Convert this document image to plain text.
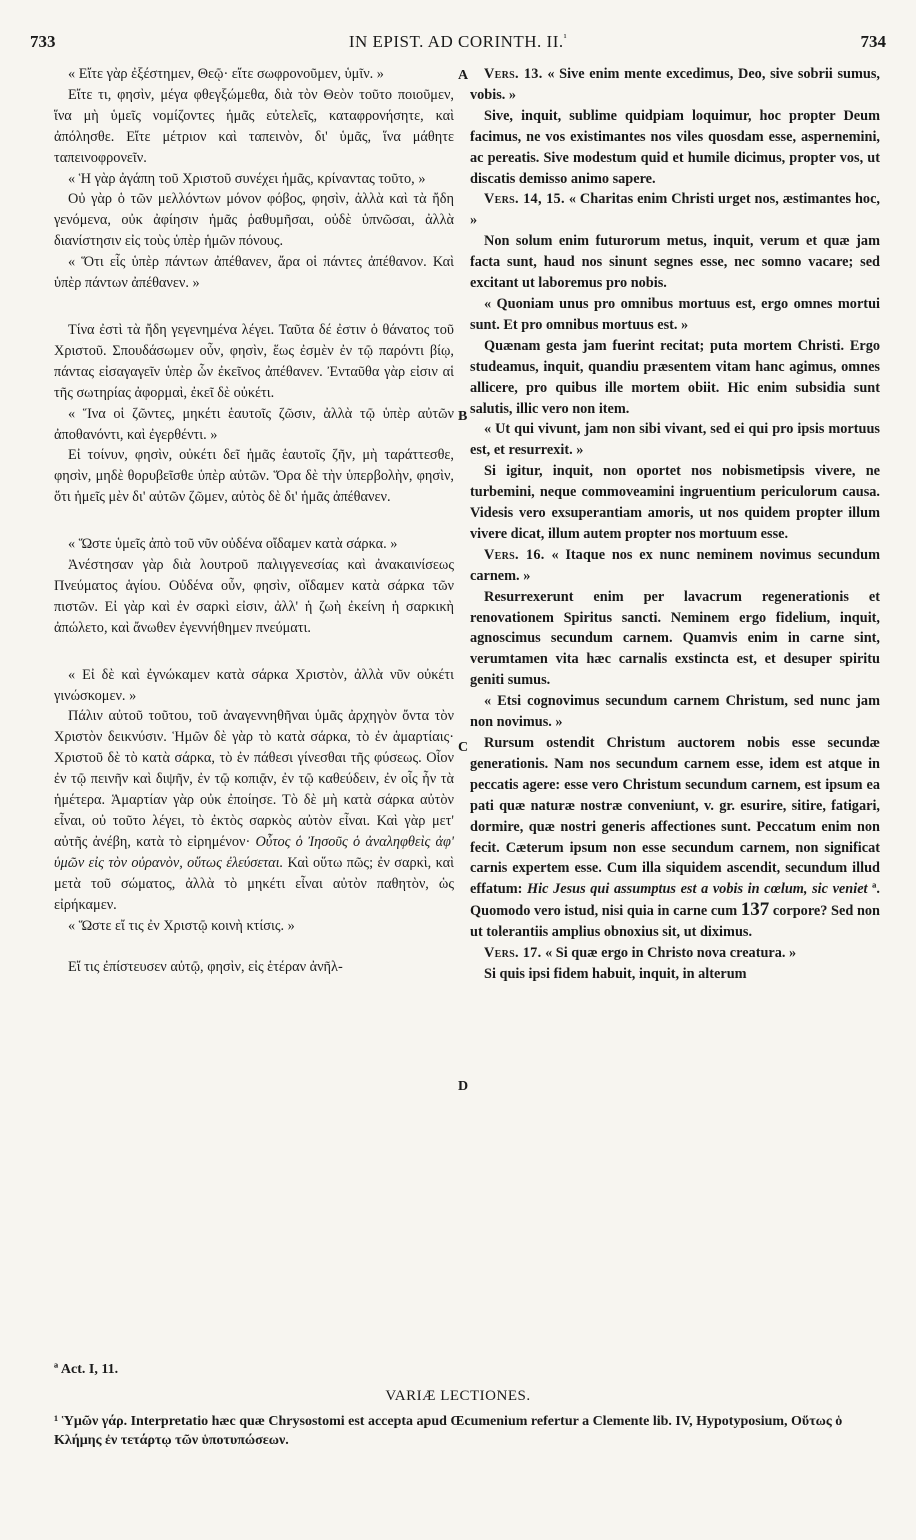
733	IN EPIST. AD CORINTH. II.$^{^1}$	734
A
B
C
D

« Εἴτε γὰρ ἐξέστημεν, Θεῷ· εἴτε σωφρονοῦμεν, ὑμῖν. »

Εἴτε τι, φησὶν, μέγα φθεγξώμεθα, διὰ τὸν Θεὸν τοῦτο ποιοῦμεν, ἵνα μὴ ὑμεῖς νομίζοντες ἡμᾶς εὐτελεῖς, καταφρονήσητε, καὶ ἀπόλησθε. Εἴτε μέτριον καὶ ταπεινὸν, δι' ὑμᾶς, ἵνα μάθητε ταπεινοφρονεῖν.

« Ἡ γὰρ ἀγάπη τοῦ Χριστοῦ συνέχει ἡμᾶς, κρίναντας τοῦτο, »

Οὐ γὰρ ὁ τῶν μελλόντων μόνον φόβος, φησὶν, ἀλλὰ καὶ τὰ ἤδη γενόμενα, οὐκ ἀφίησιν ἡμᾶς ῥαθυμῆσαι, οὐδὲ ὑπνῶσαι, ἀλλὰ διανίστησιν εἰς τοὺς ὑπὲρ ἡμῶν πόνους.

« Ὅτι εἷς ὑπὲρ πάντων ἀπέθανεν, ἄρα οἱ πάντες ἀπέθανον. Καὶ ὑπὲρ πάντων ἀπέθανεν. »

Τίνα ἐστὶ τὰ ἤδη γεγενημένα λέγει. Ταῦτα δέ ἐστιν ὁ θάνατος τοῦ Χριστοῦ. Σπουδάσωμεν οὖν, φησὶν, ἕως ἐσμὲν ἐν τῷ παρόντι βίῳ, πάντας εἰσαγαγεῖν ὑπὲρ ὧν ἐκεῖνος ἀπέθανεν. Ἐνταῦθα γὰρ εἰσιν αἱ τῆς σωτηρίας ἀφορμαὶ, ἐκεῖ δὲ οὐκέτι.

« Ἵνα οἱ ζῶντες, μηκέτι ἑαυτοῖς ζῶσιν, ἀλλὰ τῷ ὑπὲρ αὐτῶν ἀποθανόντι, καὶ ἐγερθέντι. »

Εἰ τοίνυν, φησὶν, οὐκέτι δεῖ ἡμᾶς ἑαυτοῖς ζῆν, μὴ ταράττεσθε, φησὶν, μηδὲ θορυβεῖσθε ὑπὲρ αὐτῶν. Ὅρα δὲ τὴν ὑπερβολὴν, φησὶν, ὅτι ἡμεῖς μὲν δι' αὐτῶν ζῶμεν, αὐτὸς δὲ δι' ἡμᾶς ἀπέθανεν.

« Ὥστε ὑμεῖς ἀπὸ τοῦ νῦν οὐδένα οἴδαμεν κατὰ σάρκα. »

Ἀνέστησαν γὰρ διὰ λουτροῦ παλιγγενεσίας καὶ ἀνακαινίσεως Πνεύματος ἁγίου. Οὐδένα οὖν, φησὶν, οἴδαμεν κατὰ σάρκα τῶν πιστῶν. Εἰ γὰρ καὶ ἐν σαρκὶ εἰσιν, ἀλλ' ἡ ζωὴ ἐκείνη ἡ σαρκικὴ ἀπώλετο, καὶ ἄνωθεν ἐγεννήθημεν πνεύματι.

« Εἰ δὲ καὶ ἐγνώκαμεν κατὰ σάρκα Χριστὸν, ἀλλὰ νῦν οὐκέτι γινώσκομεν. »

Πάλιν αὐτοῦ τοῦτου, τοῦ ἀναγεννηθῆναι ὑμᾶς ἀρχηγὸν ὄντα τὸν Χριστὸν δεικνύσιν. Ἡμῶν δὲ γὰρ τὸ κατὰ σάρκα, τὸ ἐν ἁμαρτίαις· Χριστοῦ δὲ τὸ κατὰ σάρκα, τὸ ἐν πάθεσι γίνεσθαι τῆς φύσεως. Οἷον ἐν τῷ πεινῆν καὶ διψῆν, ἐν τῷ κοπιᾷν, ἐν τῷ καθεύδειν, ἐν οἷς ἦν τὰ ἡμέτερα. Ἁμαρτίαν γὰρ οὐκ ἐποίησε. Τὸ δὲ μὴ κατὰ σάρκα αὐτὸν εἶναι, οὐ τοῦτο λέγει, τὸ ἐκτὸς σαρκὸς αὐτὸν εἶναι. Καὶ γὰρ μετ' αὐτῆς ἀνέβη, κατὰ τὸ εἰρημένον· Οὗτος ὁ Ἰησοῦς ὁ ἀναληφθεὶς ἀφ' ὑμῶν εἰς τὸν οὐρανὸν, οὕτως ἐλεύσεται. Καὶ οὕτω πῶς; ἐν σαρκὶ, καὶ μετὰ τοῦ σώματος, ἀλλὰ τὸ μηκέτι εἶναι αὐτὸν παθητὸν, ὡς εἰρήκαμεν.

« Ὥστε εἴ τις ἐν Χριστῷ κοινὴ κτίσις. »

Εἴ τις ἐπίστευσεν αὐτῷ, φησὶν, εἰς ἑτέραν ἀνῆλ-

Vers. 13. « Sive enim mente excedimus, Deo, sive sobrii sumus, vobis. »

Sive, inquit, sublime quidpiam loquimur, hoc propter Deum facimus, ne vos existimantes nos viles quosdam esse, aspernemini, ac pereatis. Sive modestum quid et humile dicimus, propter vos, ut discatis demisso animo sapere.

Vers. 14, 15. « Charitas enim Christi urget nos, æstimantes hoc, »

Non solum enim futurorum metus, inquit, verum et quæ jam facta sunt, haud nos sinunt segnes esse, nec somno vacare; sed excitant ut laboremus pro nobis.

« Quoniam unus pro omnibus mortuus est, ergo omnes mortui sunt. Et pro omnibus mortuus est. »

Quænam gesta jam fuerint recitat; puta mortem Christi. Ergo studeamus, inquit, quandiu præsentem vitam hanc agimus, omnes allicere, pro quibus ille mortem obiit. Hic enim subsidia sunt salutis, illic vero non item.

« Ut qui vivunt, jam non sibi vivant, sed ei qui pro ipsis mortuus est, et resurrexit. »

Si igitur, inquit, non oportet nos nobismetipsis vivere, ne turbemini, neque commoveamini ingruentium periculorum causa. Videsis vero exsuperantiam amoris, ut nos quidem propter illum vivere dicat, illum autem propter nos mortuum esse.

Vers. 16. « Itaque nos ex nunc neminem novimus secundum carnem. »

Resurrexerunt enim per lavacrum regenerationis et renovationem Spiritus sancti. Neminem ergo fidelium, inquit, agnoscimus secundum carnem. Quamvis enim in carne sint, verumtamen vita hæc carnalis exstincta est, et desuper spiritu geniti sumus.

« Etsi cognovimus secundum carnem Christum, sed nunc jam non novimus. »

Rursum ostendit Christum auctorem nobis esse secundæ generationis. Nam nos secundum carnem esse, idem est atque in peccatis agere: esse vero Christum secundum carnem, est ipsum ea pati quæ naturæ nostræ conveniunt, v. gr. esurire, sitire, fatigari, dormire, quæ nostri generis affectiones sunt. Peccatum enim non fecit. Cæterum ipsum non esse secundum carnem, non significat carnis expertem esse. Cum illa siquidem ascendit, secundum illud effatum: Hic Jesus qui assumptus est a vobis in cœlum, sic veniet ª. Quomodo vero istud, nisi quia in carne cum 137 corpore? Sed non ut tolerantiis amplius obnoxius sit, ut diximus.

Vers. 17. « Si quæ ergo in Christo nova creatura. »

Si quis ipsi fidem habuit, inquit, in alterum

ª Act. I, 11.
VARIÆ LECTIONES.
¹ Ὑμῶν γάρ. Interpretatio hæc quæ Chrysostomi est accepta apud Œcumenium refertur a Clemente lib. IV, Hypotyposium, Οὕτως ὁ Κλήμης ἐν τετάρτῳ τῶν ὑποτυπώσεων.
